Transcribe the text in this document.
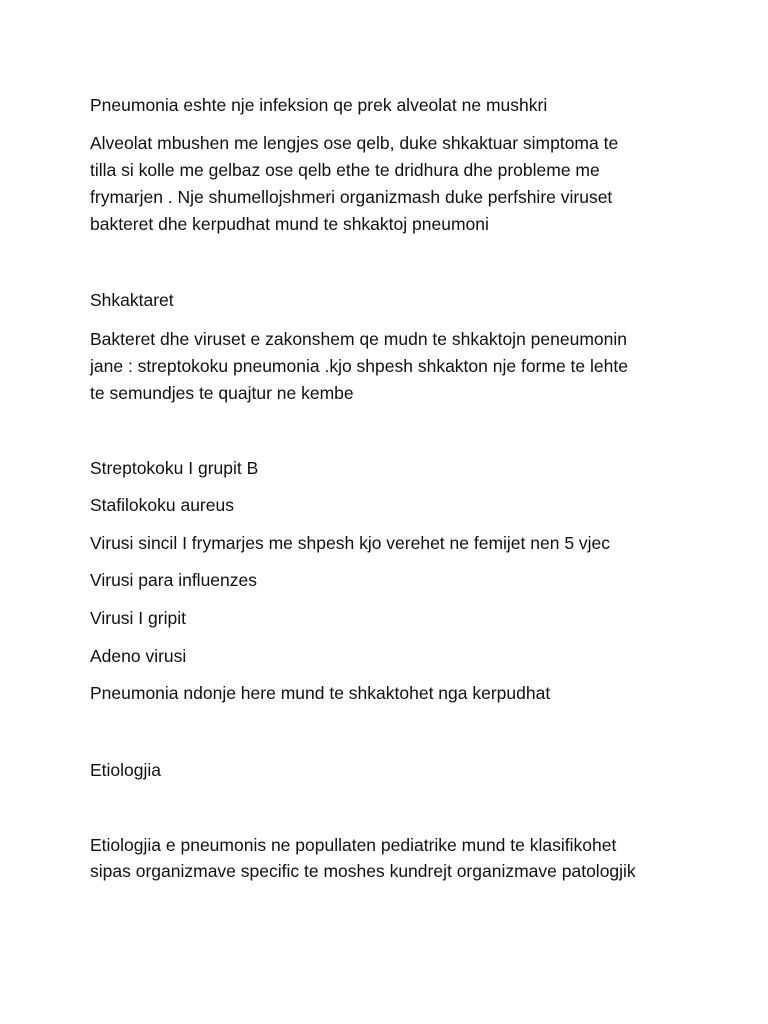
Pneumonia eshte nje infeksion qe prek alveolat ne mushkri
Alveolat mbushen me lengjes ose qelb, duke shkaktuar simptoma te
tilla si kolle me gelbaz ose qelb ethe te dridhura dhe probleme me
frymarjen . Nje shumellojshmeri organizmash duke perfshire viruset
bakteret dhe kerpudhat mund te shkaktoj pneumoni
Shkaktaret
Bakteret dhe viruset e zakonshem qe mudn te shkaktojn peneumonin
jane : streptokoku pneumonia .kjo shpesh shkakton nje forme te lehte
te semundjes te quajtur ne kembe
Streptokoku I grupit B
Stafilokoku aureus
Virusi sincil I frymarjes me shpesh kjo verehet ne femijet nen 5 vjec
Virusi para influenzes
Virusi I gripit
Adeno virusi
Pneumonia ndonje here mund te shkaktohet nga kerpudhat
Etiologjia
Etiologjia e pneumonis ne popullaten pediatrike mund te klasifikohet
sipas organizmave specific te moshes kundrejt organizmave patologjik
